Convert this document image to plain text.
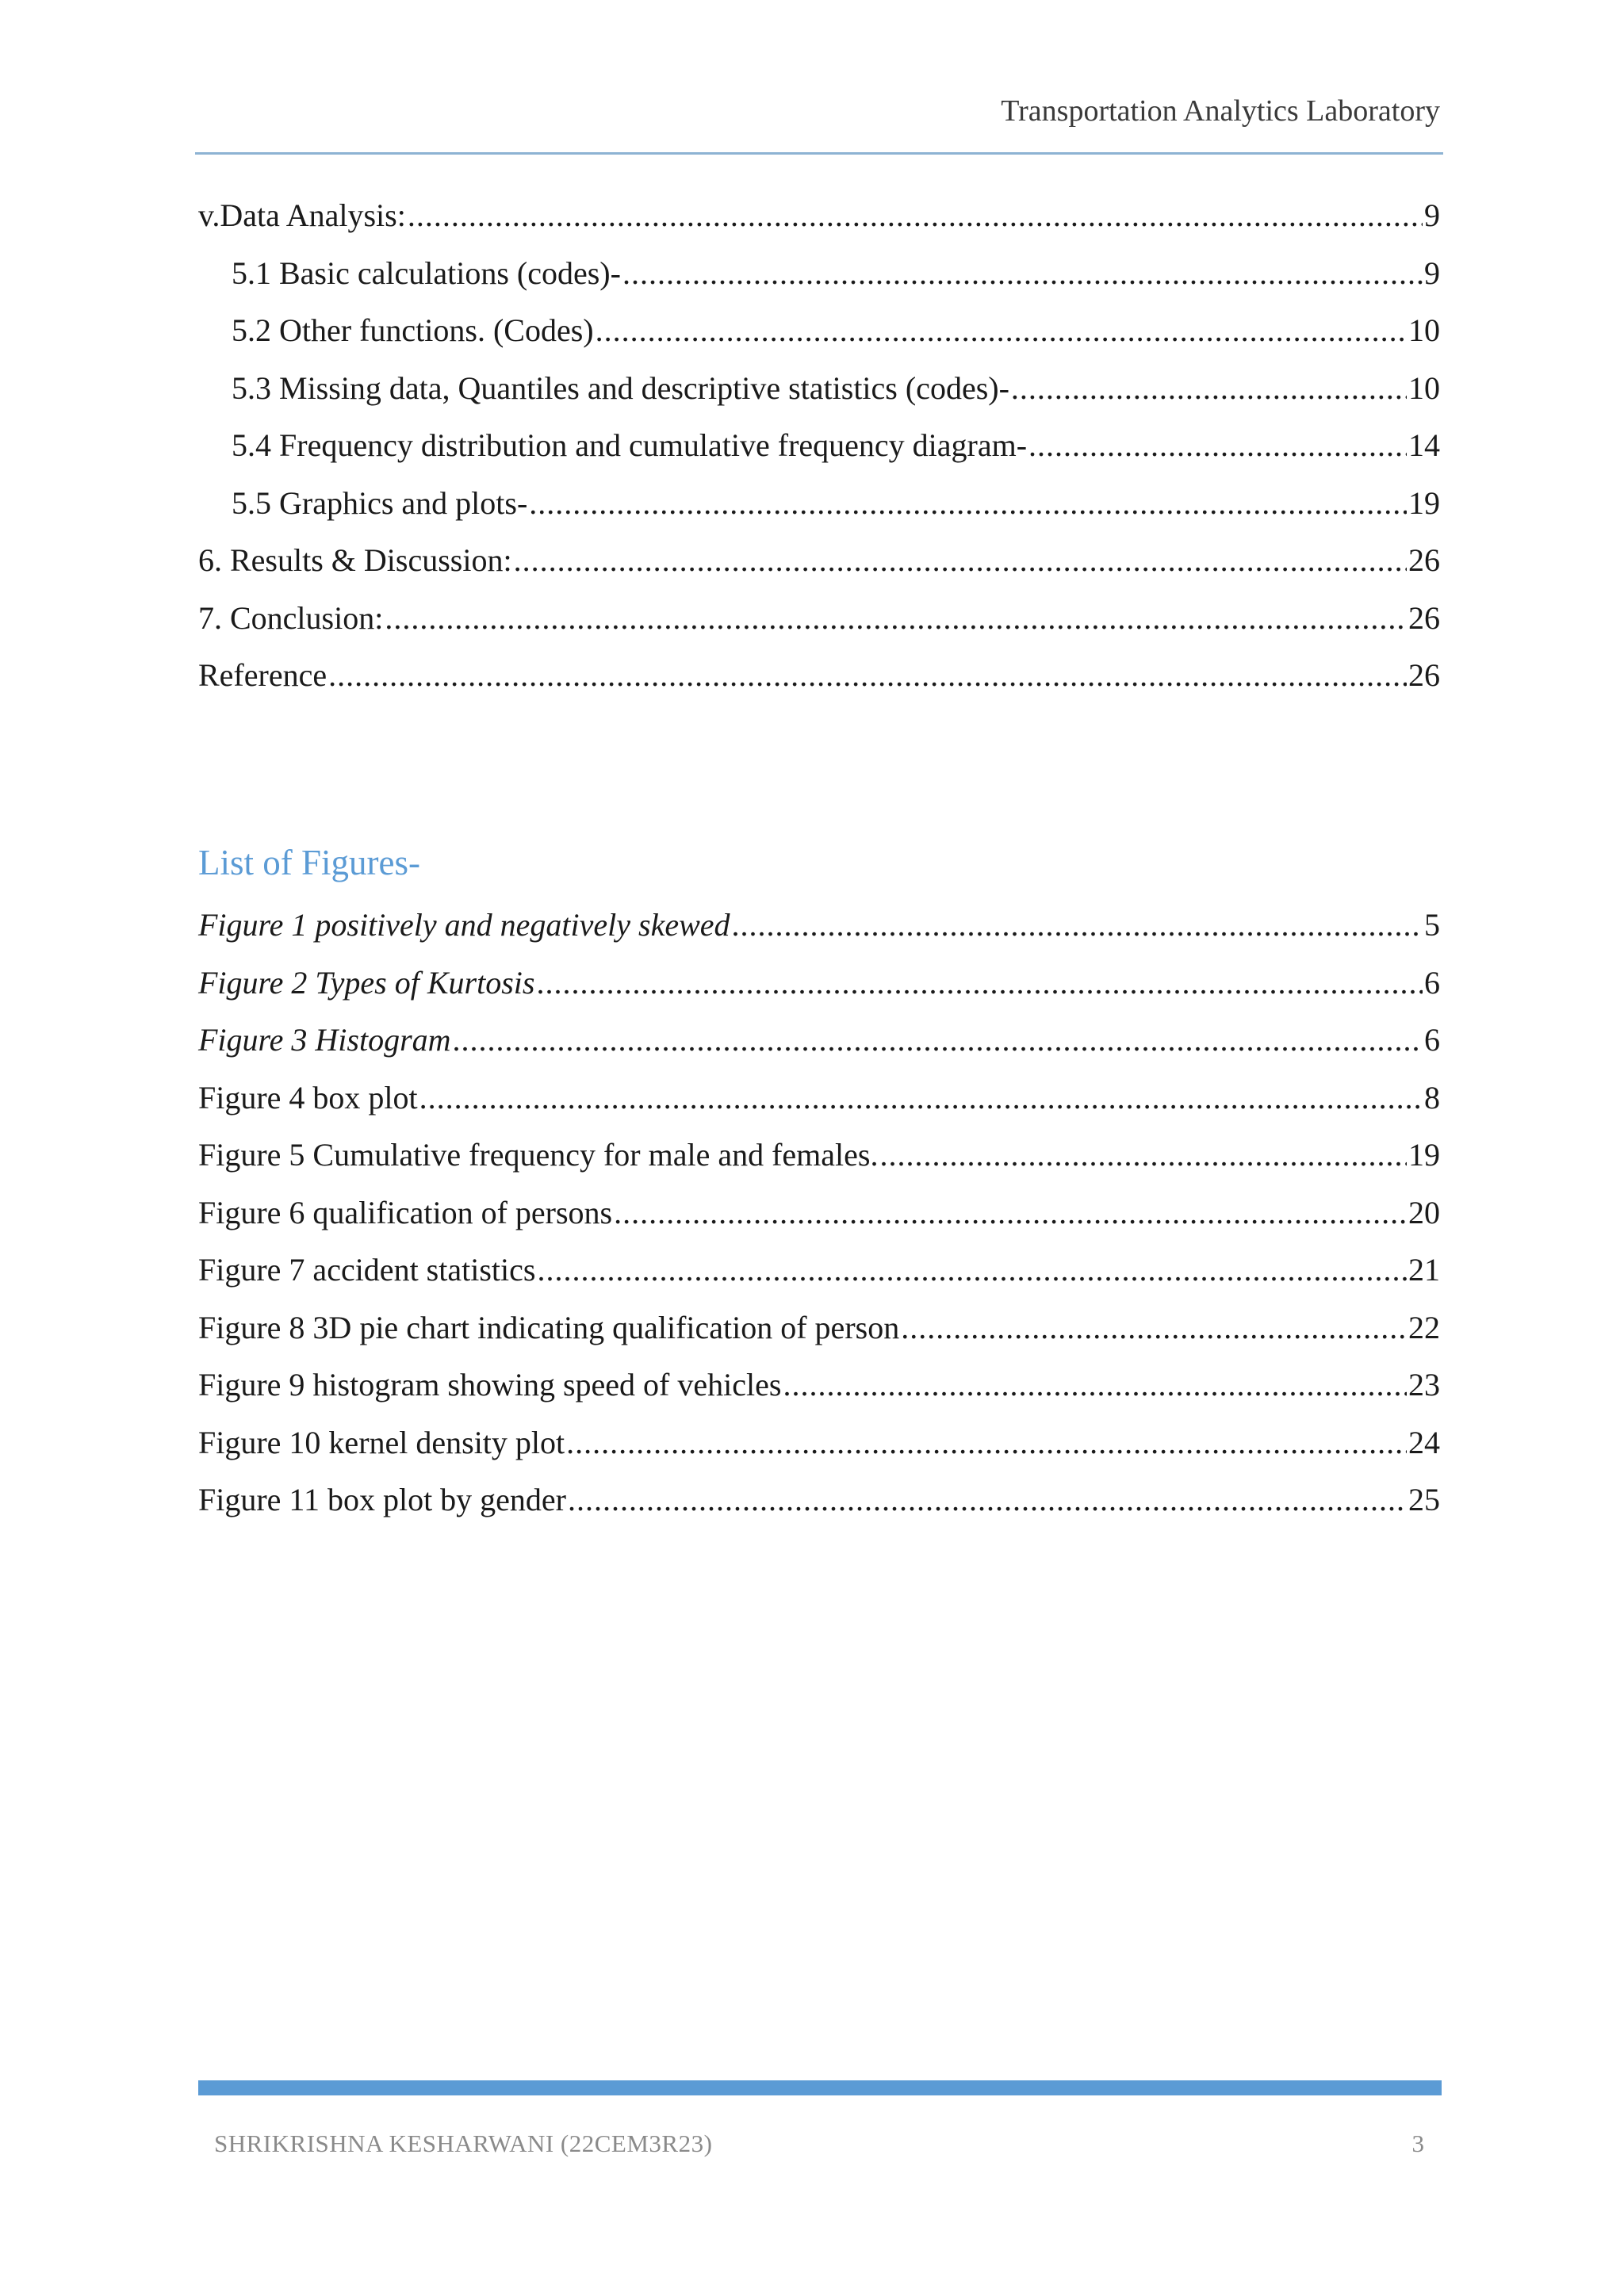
Transportation Analytics Laboratory
v. Data Analysis: .....	9
5.1 Basic calculations (codes)- .....	9
5.2 Other functions. (Codes) .....	10
5.3 Missing data, Quantiles and descriptive statistics (codes)- .....	10
5.4 Frequency distribution and cumulative frequency diagram- .....	14
5.5 Graphics and plots- .....	19
6. Results & Discussion: .....	26
7. Conclusion: .....	26
Reference .....	26
List of Figures-
Figure 1 positively and negatively skewed .....	5
Figure 2 Types of Kurtosis .....	6
Figure 3 Histogram .....	6
Figure 4 box plot .....	8
Figure 5 Cumulative frequency for male and females. .....	19
Figure 6 qualification of persons .....	20
Figure 7 accident statistics .....	21
Figure 8 3D pie chart indicating qualification of person .....	22
Figure 9 histogram showing speed of vehicles .....	23
Figure 10 kernel density plot .....	24
Figure 11 box plot by gender .....	25
SHRIKRISHNA KESHARWANI (22CEM3R23)	3
